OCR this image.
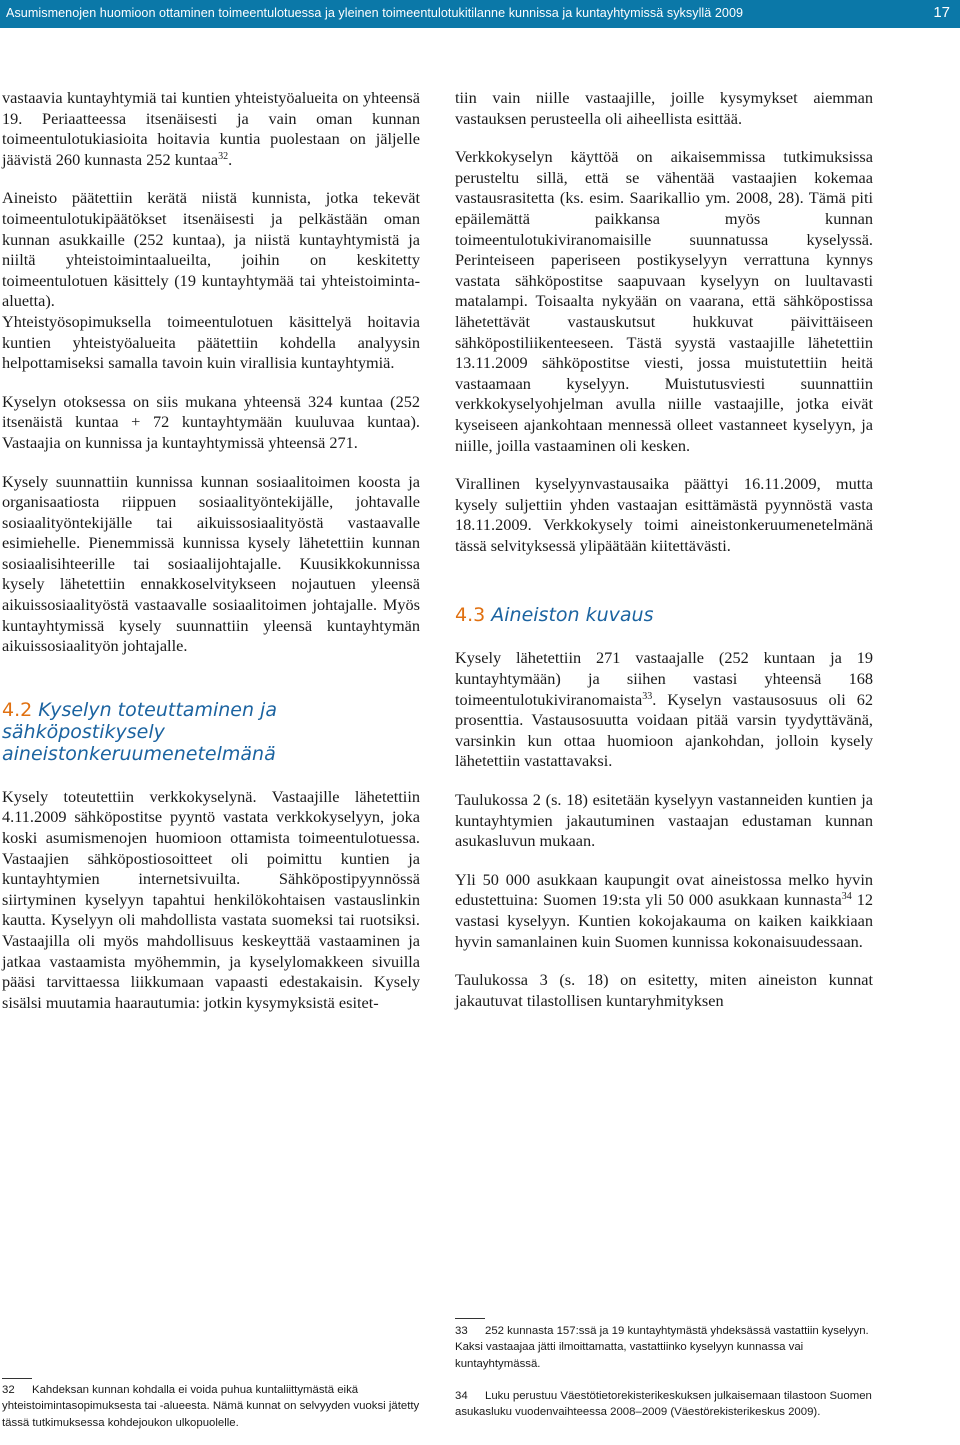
Asumismenojen huomioon ottaminen toimeentulotuessa ja yleinen toimeentulotukitilanne kunnissa ja kuntayhtymissä syksyllä 2009	17

vastaavia kuntayhtymiä tai kuntien yhteistyöalueita on yhteensä 19. Periaatteessa itsenäisesti ja vain oman kunnan toimeentulotukiasioita hoitavia kuntia puolestaan on jäljelle jäävistä 260 kunnasta 252 kuntaa$^{32}$.

Aineisto päätettiin kerätä niistä kunnista, jotka tekevät toimeentulotukipäätökset itsenäisesti ja pelkästään oman kunnan asukkaille (252 kuntaa), ja niistä kuntayhtymistä ja niiltä yhteistoimintaalueilta, joihin on keskitetty toimeentulotuen käsittely (19 kuntayhtymää tai yhteistoiminta-aluetta).

Yhteistyösopimuksella toimeentulotuen käsittelyä hoitavia kuntien yhteistyöalueita päätettiin kohdella analyysin helpottamiseksi samalla tavoin kuin virallisia kuntayhtymiä.

Kyselyn otoksessa on siis mukana yhteensä 324 kuntaa (252 itsenäistä kuntaa + 72 kuntayhtymään kuuluvaa kuntaa). Vastaajia on kunnissa ja kuntayhtymissä yhteensä 271.

Kysely suunnattiin kunnissa kunnan sosiaalitoimen koosta ja organisaatiosta riippuen sosiaalityöntekijälle, johtavalle sosiaalityöntekijälle tai aikuissosiaalityöstä vastaavalle esimiehelle. Pienemmissä kunnissa kysely lähetettiin kunnan sosiaalisihteerille tai sosiaalijohtajalle. Kuusikkokunnissa kysely lähetettiin ennakkoselvitykseen nojautuen yleensä aikuissosiaalityöstä vastaavalle sosiaalitoimen johtajalle. Myös kuntayhtymissä kysely suunnattiin yleensä kuntayhtymän aikuissosiaalityön johtajalle.

4.2 Kyselyn toteuttaminen ja sähköpostikysely aineistonkeruumenetelmänä

Kysely toteutettiin verkkokyselynä. Vastaajille lähetettiin 4.11.2009 sähköpostitse pyyntö vastata verkkokyselyyn, joka koski asumismenojen huomioon ottamista toimeentulotuessa. Vastaajien sähköpostiosoitteet oli poimittu kuntien ja kuntayhtymien internetsivuilta. Sähköpostipyynnössä siirtyminen kyselyyn tapahtui henkilökohtaisen vastauslinkin kautta. Kyselyyn oli mahdollista vastata suomeksi tai ruotsiksi. Vastaajilla oli myös mahdollisuus keskeyttää vastaaminen ja jatkaa vastaamista myöhemmin, ja kyselylomakkeen sivuilla pääsi tarvittaessa liikkumaan vapaasti edestakaisin. Kysely sisälsi muutamia haarautumia: jotkin kysymyksistä esitet-

tiin vain niille vastaajille, joille kysymykset aiemman vastauksen perusteella oli aiheellista esittää.

Verkkokyselyn käyttöä on aikaisemmissa tutkimuksissa perusteltu sillä, että se vähentää vastaajien kokemaa vastausrasitetta (ks. esim. Saarikallio ym. 2008, 28). Tämä piti epäilemättä paikkansa myös kunnan toimeentulotukiviranomaisille suunnatussa kyselyssä. Perinteiseen paperiseen postikyselyyn verrattuna kynnys vastata sähköpostitse saapuvaan kyselyyn on luultavasti matalampi. Toisaalta nykyään on vaarana, että sähköpostissa lähetettävät vastauskutsut hukkuvat päivittäiseen sähköpostiliikenteeseen. Tästä syystä vastaajille lähetettiin 13.11.2009 sähköpostitse viesti, jossa muistutettiin heitä vastaamaan kyselyyn. Muistutusviesti suunnattiin verkkokyselyohjelman avulla niille vastaajille, jotka eivät kyseiseen ajankohtaan mennessä olleet vastanneet kyselyyn, ja niille, joilla vastaaminen oli kesken.

Virallinen kyselyynvastausaika päättyi 16.11.2009, mutta kysely suljettiin yhden vastaajan esittämästä pyynnöstä vasta 18.11.2009. Verkkokysely toimi aineistonkeruumenetelmänä tässä selvityksessä ylipäätään kiitettävästi.

4.3 Aineiston kuvaus

Kysely lähetettiin 271 vastaajalle (252 kuntaan ja 19 kuntayhtymään) ja siihen vastasi yhteensä 168 toimeentulotukiviranomaista$^{33}$. Kyselyn vastausosuus oli 62 prosenttia. Vastausosuutta voidaan pitää varsin tyydyttävänä, varsinkin kun ottaa huomioon ajankohdan, jolloin kysely lähetettiin vastattavaksi.

Taulukossa 2 (s. 18) esitetään kyselyyn vastanneiden kuntien ja kuntayhtymien jakautuminen vastaajan edustaman kunnan asukasluvun mukaan.

Yli 50 000 asukkaan kaupungit ovat aineistossa melko hyvin edustettuina: Suomen 19:sta yli 50 000 asukkaan kunnasta$^{34}$ 12 vastasi kyselyyn. Kuntien kokojakauma on kaiken kaikkiaan hyvin samanlainen kuin Suomen kunnissa kokonaisuudessaan.

Taulukossa 3 (s. 18) on esitetty, miten aineiston kunnat jakautuvat tilastollisen kuntaryhmityksen

32 Kahdeksan kunnan kohdalla ei voida puhua kuntaliittymästä eikä yhteistoimintasopimuksesta tai -alueesta. Nämä kunnat on selvyyden vuoksi jätetty tässä tutkimuksessa kohdejoukon ulkopuolelle.
33 252 kunnasta 157:ssä ja 19 kuntayhtymästä yhdeksässä vastattiin kyselyyn. Kaksi vastaajaa jätti ilmoittamatta, vastattiinko kyselyyn kunnassa vai kuntayhtymässä.
34 Luku perustuu Väestötietorekisterikeskuksen julkaisemaan tilastoon Suomen asukasluku vuodenvaihteessa 2008–2009 (Väestörekisterikeskus 2009).
